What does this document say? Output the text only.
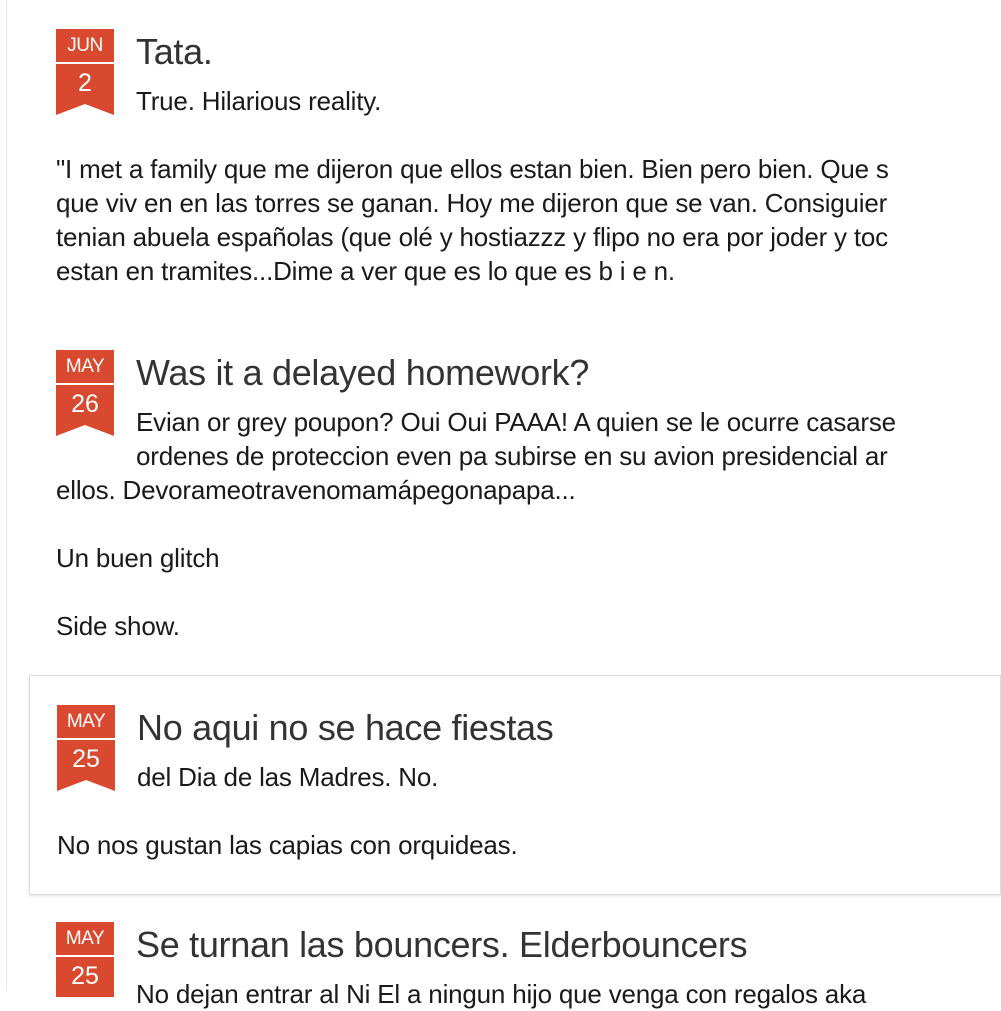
JUN
2
Tata.

True. Hilarious reality.

"I met a family que me dijeron que ellos estan bien. Bien pero bien. Que s

que viv en en las torres se ganan. Hoy me dijeron que se van. Consiguier

tenian abuela españolas (que olé y hostiazzz y flipo no era por joder y toc

estan en tramites...Dime a ver que es lo que es b i e n.

MAY
26
Was it a delayed homework?

Evian or grey poupon? Oui Oui PAAA! A quien se le ocurre casarse

ordenes de proteccion even pa subirse en su avion presidencial ar

ellos. Devorameotravenomamápegonapapa...

Un buen glitch

Side show.

MAY
25
No aqui no se hace fiestas

del Dia de las Madres. No.

No nos gustan las capias con orquideas.

MAY
25
Se turnan las bouncers. Elderbouncers

No dejan entrar al Ni El a ningun hijo que venga con regalos aka
